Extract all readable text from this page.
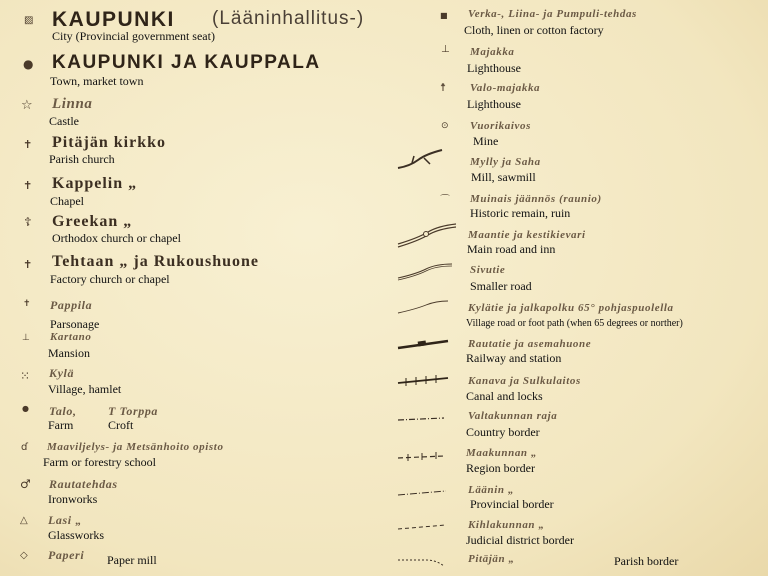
▨ KAUPUNKI (Lääninhallitus-)
City (Provincial government seat)
● KAUPUNKI JA KAUPPALA
Town, market town
☆ Linna
Castle
✝ Pitäjän kirkko
Parish church
✝ Kappelin „
Chapel
☦ Greekan „
Orthodox church or chapel
✝ Tehtaan „ ja Rukoushuone
Factory church or chapel
✝ Pappila
Parsonage
⊥ Kartano
Mansion
⁙ Kylä
Village, hamlet
● Talo,	T Torppa
Farm	Croft
ɗ Maaviljelys- ja Metsänhoito opisto
Farm or forestry school
♂ Rautatehdas
Ironworks
△ Lasi „
Glassworks
◇ Paperi Paper mill
■ Verka-, Liina- ja Pumpuli-tehdas
Cloth, linen or cotton factory
⊥ Majakka
Lighthouse
☨ Valo-majakka
Lighthouse
⊙ Vuorikaivos
Mine
Mylly ja Saha
Mill, sawmill
⌒ Muinais jäännös (raunio)
Historic remain, ruin
Maantie ja kestikievari
Main road and inn
Sivutie
Smaller road
Kylätie ja jalkapolku 65° pohjaspuolella
Village road or foot path (when 65 degrees or norther)
Rautatie ja asemahuone
Railway and station
Kanava ja Sulkulaitos
Canal and locks
Valtakunnan raja
Country border
Maakunnan „
Region border
Läänin „
Provincial border
Kihlakunnan „
Judicial district border
Pitäjän „	Parish border
